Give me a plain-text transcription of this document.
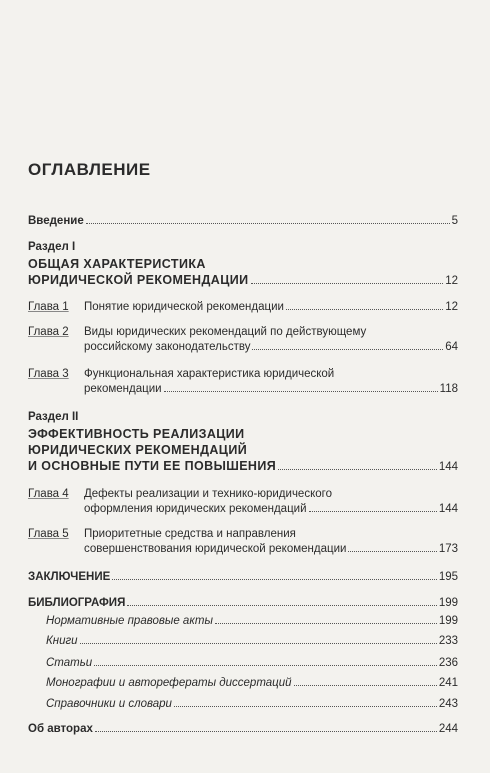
ОГЛАВЛЕНИЕ
Введение	5
Раздел I
ОБЩАЯ ХАРАКТЕРИСТИКА
ЮРИДИЧЕСКОЙ РЕКОМЕНДАЦИИ	12
Глава 1	Понятие юридической рекомендации	12
Глава 2	Виды юридических рекомендаций по действующему
российскому законодательству	64
Глава 3	Функциональная характеристика юридической
рекомендации	118
Раздел II
ЭФФЕКТИВНОСТЬ РЕАЛИЗАЦИИ
ЮРИДИЧЕСКИХ РЕКОМЕНДАЦИЙ
И ОСНОВНЫЕ ПУТИ ЕЕ ПОВЫШЕНИЯ	144
Глава 4	Дефекты реализации и технико-юридического
оформления юридических рекомендаций	144
Глава 5	Приоритетные средства и направления
совершенствования юридической рекомендации	173
ЗАКЛЮЧЕНИЕ	195
БИБЛИОГРАФИЯ	199
Нормативные правовые акты	199
Книги	233
Статьи	236
Монографии и авторефераты диссертаций	241
Справочники и словари	243
Об авторах	244
